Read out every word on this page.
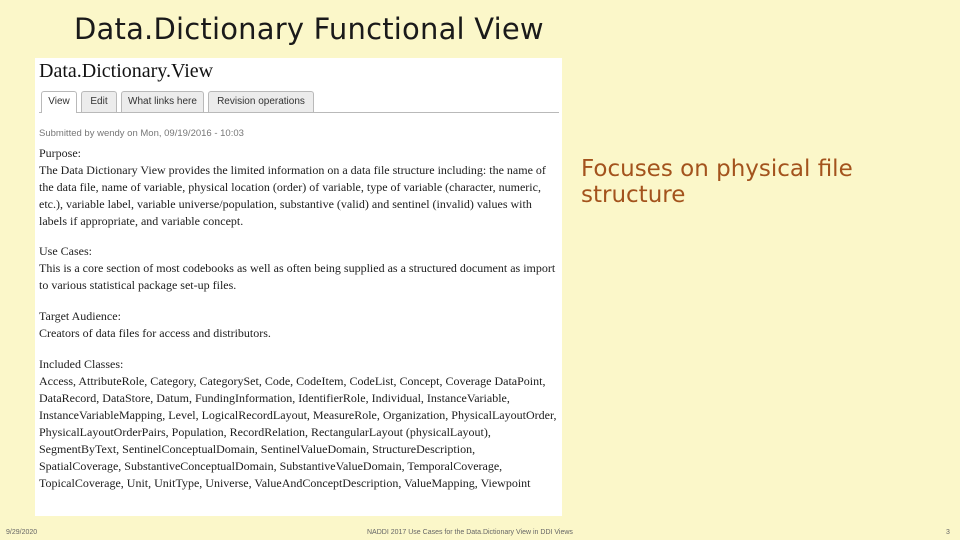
Data.Dictionary Functional View
Data.Dictionary.View
View	Edit	What links here	Revision operations
Submitted by wendy on Mon, 09/19/2016 - 10:03
Purpose:
The Data Dictionary View provides the limited information on a data file structure including: the name of the data file, name of variable, physical location (order) of variable, type of variable (character, numeric, etc.), variable label, variable universe/population, substantive (valid) and sentinel (invalid) values with labels if appropriate, and variable concept.
Use Cases:
This is a core section of most codebooks as well as often being supplied as a structured document as import to various statistical package set-up files.
Target Audience:
Creators of data files for access and distributors.
Included Classes:
Access, AttributeRole, Category, CategorySet, Code, CodeItem, CodeList, Concept, Coverage DataPoint, DataRecord, DataStore, Datum, FundingInformation, IdentifierRole, Individual, InstanceVariable, InstanceVariableMapping, Level, LogicalRecordLayout, MeasureRole, Organization, PhysicalLayoutOrder, PhysicalLayoutOrderPairs, Population, RecordRelation, RectangularLayout (physicalLayout), SegmentByText, SentinelConceptualDomain, SentinelValueDomain, StructureDescription, SpatialCoverage, SubstantiveConceptualDomain, SubstantiveValueDomain, TemporalCoverage, TopicalCoverage, Unit, UnitType, Universe, ValueAndConceptDescription, ValueMapping, Viewpoint
Focuses on physical file structure
9/29/2020	NADDI 2017 Use Cases for the Data.Dictionary View in DDI Views	3
